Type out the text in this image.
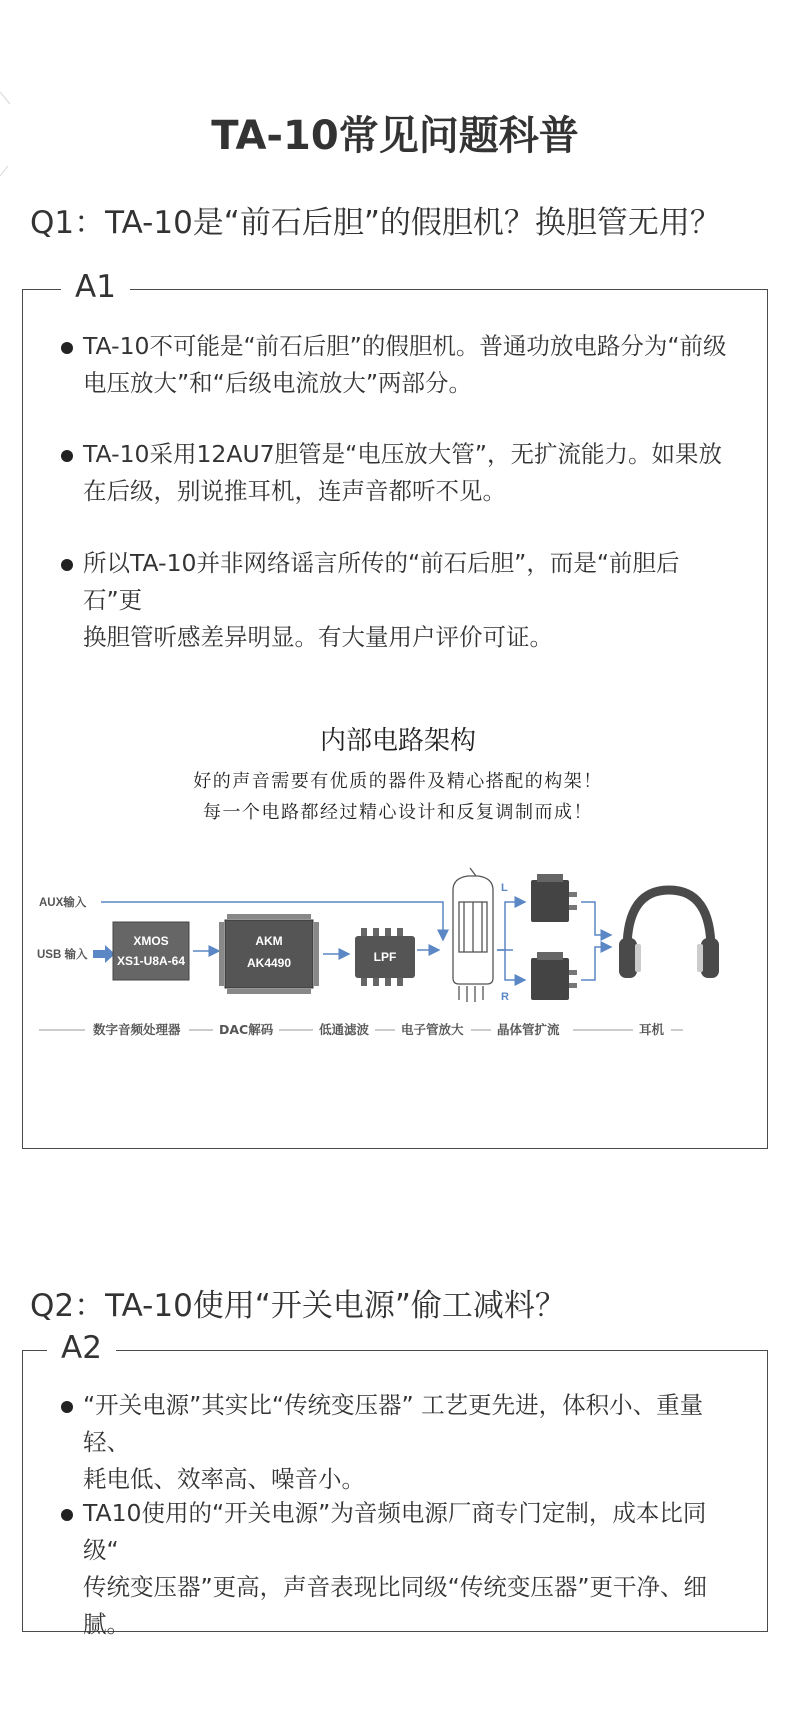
TA-10常见问题科普
Q1：TA-10是“前石后胆”的假胆机？换胆管无用？
A1
TA-10不可能是“前石后胆”的假胆机。普通功放电路分为“前级
电压放大”和“后级电流放大”两部分。
TA-10采用12AU7胆管是“电压放大管”，无扩流能力。如果放
在后级，别说推耳机，连声音都听不见。
所以TA-10并非网络谣言所传的“前石后胆”，而是“前胆后石”更
换胆管听感差异明显。有大量用户评价可证。
内部电路架构
好的声音需要有优质的器件及精心搭配的构架！
每一个电路都经过精心设计和反复调制而成！
AUX输入
USB 输入
XMOS
XS1-U8A-64
AKM
AK4490	LPF
L
R
数字音频处理器	DAC解码	低通滤波	电子管放大	晶体管扩流	耳机
Q2：TA-10使用“开关电源”偷工减料？
A2
“开关电源”其实比“传统变压器” 工艺更先进，体积小、重量轻、
耗电低、效率高、噪音小。
TA10使用的“开关电源”为音频电源厂商专门定制，成本比同级“
传统变压器”更高，声音表现比同级“传统变压器”更干净、细腻。
